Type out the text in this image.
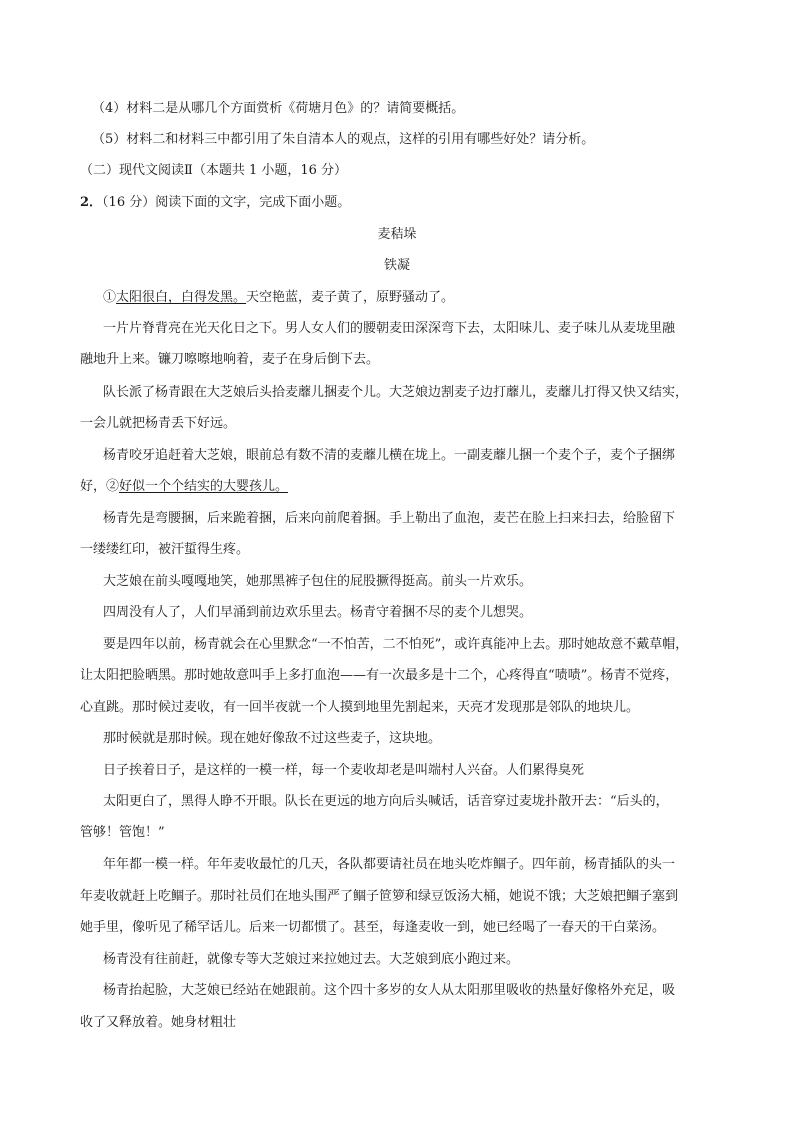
（4）材料二是从哪几个方面赏析《荷塘月色》的？请简要概括。
（5）材料二和材料三中都引用了朱自清本人的观点，这样的引用有哪些好处？请分析。
（二）现代文阅读Ⅱ（本题共 1 小题，16 分）
2．（16 分）阅读下面的文字，完成下面小题。
麦秸垛
铁凝
①太阳很白，白得发黑。天空艳蓝，麦子黄了，原野骚动了。
一片片脊背亮在光天化日之下。男人女人们的腰朝麦田深深弯下去，太阳味儿、麦子味儿从麦垅里融
融地升上来。镰刀嚓嚓地响着，麦子在身后倒下去。
队长派了杨青跟在大芝娘后头拾麦蘼儿捆麦个儿。大芝娘边割麦子边打蘼儿，麦蘼儿打得又快又结实，
一会儿就把杨青丢下好远。
杨青咬牙追赶着大芝娘，眼前总有数不清的麦蘼儿横在垅上。一副麦蘼儿捆一个麦个子，麦个子捆绑
好，②好似一个个结实的大婴孩儿。
杨青先是弯腰捆，后来跪着捆，后来向前爬着捆。手上勒出了血泡，麦芒在脸上扫来扫去，给脸留下
一缕缕红印，被汗蜇得生疼。
大芝娘在前头嘎嘎地笑，她那黑裤子包住的屁股撅得挺高。前头一片欢乐。
四周没有人了，人们早涌到前边欢乐里去。杨青守着捆不尽的麦个儿想哭。
要是四年以前，杨青就会在心里默念“一不怕苦，二不怕死”，或许真能冲上去。那时她故意不戴草帽，
让太阳把脸晒黑。那时她故意叫手上多打血泡——有一次最多是十二个，心疼得直“啧啧”。杨青不觉疼，
心直跳。那时候过麦收，有一回半夜就一个人摸到地里先割起来，天亮才发现那是邻队的地块儿。
那时候就是那时候。现在她好像敌不过这些麦子，这块地。
日子挨着日子，是这样的一模一样，每一个麦收却老是叫端村人兴奋。人们累得臭死
太阳更白了，黑得人睁不开眼。队长在更远的地方向后头喊话，话音穿过麦垅扑散开去：“后头的，
管够！管饱！”
年年都一模一样。年年麦收最忙的几天，各队都要请社员在地头吃炸鲴子。四年前，杨青插队的头一
年麦收就赶上吃鲴子。那时社员们在地头围严了鲴子笸箩和绿豆饭汤大桶，她说不饿；大芝娘把鲴子塞到
她手里，像听见了稀罕话儿。后来一切都惯了。甚至，每逢麦收一到，她已经喝了一春天的干白菜汤。
杨青没有往前赶，就像专等大芝娘过来拉她过去。大芝娘到底小跑过来。
杨青抬起脸，大芝娘已经站在她跟前。这个四十多岁的女人从太阳那里吸收的热量好像格外充足，吸
收了又释放着。她身材粗壮
